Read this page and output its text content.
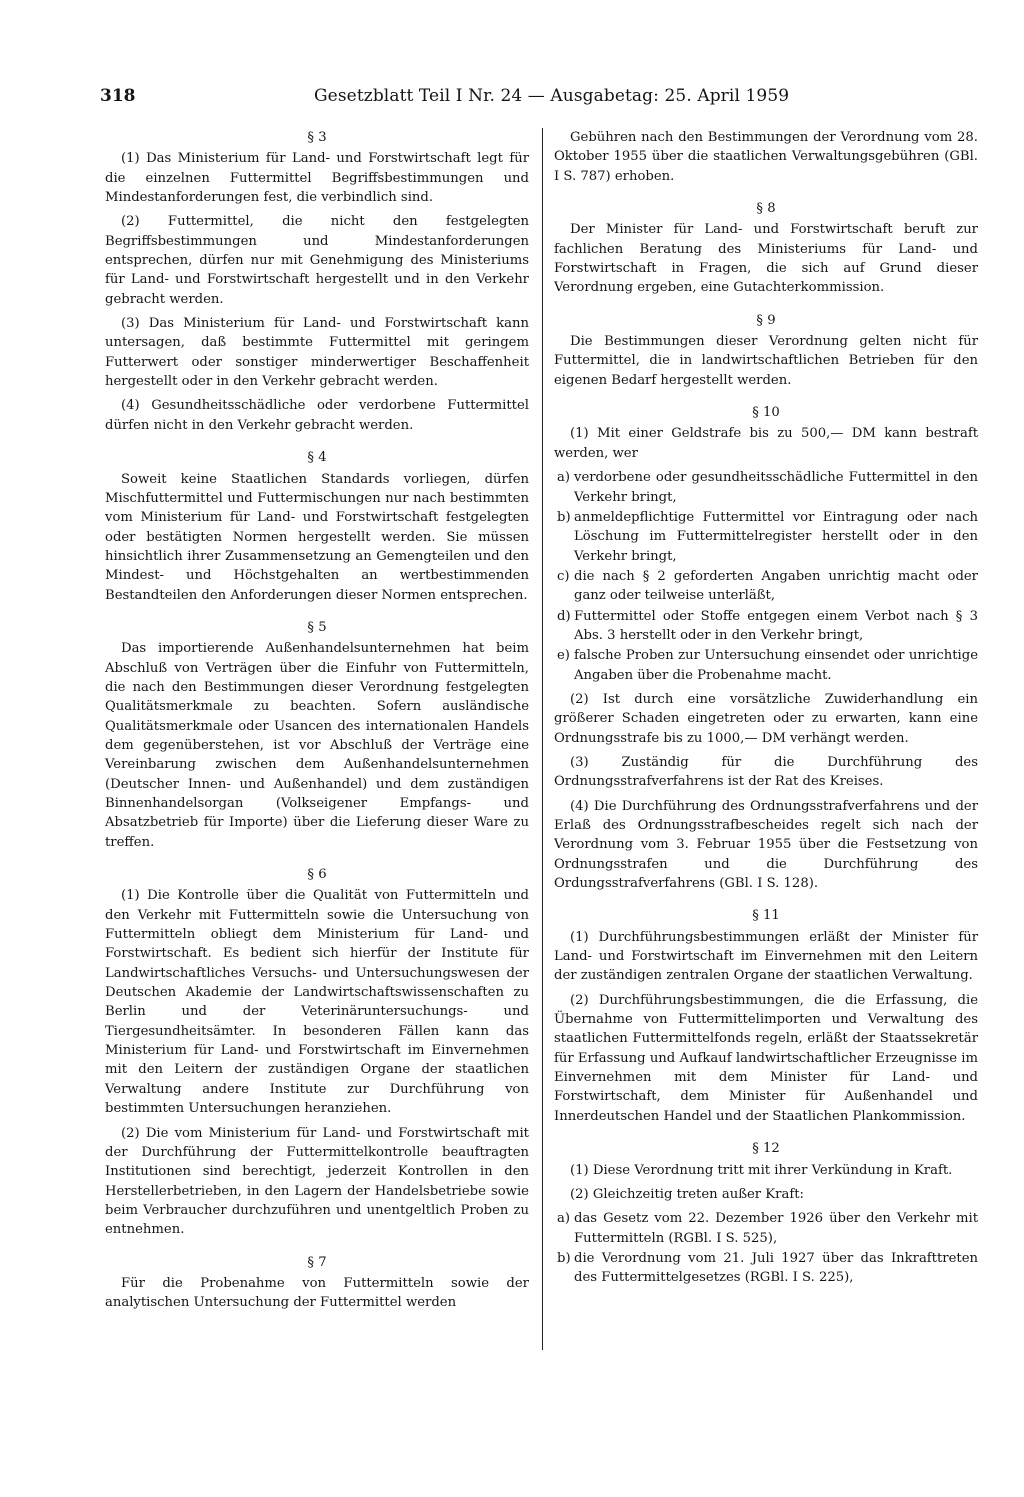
318	Gesetzblatt Teil I Nr. 24 — Ausgabetag: 25. April 1959
§ 3

(1) Das Ministerium für Land- und Forstwirtschaft legt für die einzelnen Futtermittel Begriffsbestimmungen und Mindestanforderungen fest, die verbindlich sind.

(2) Futtermittel, die nicht den festgelegten Begriffsbestimmungen und Mindestanforderungen entsprechen, dürfen nur mit Genehmigung des Ministeriums für Land- und Forstwirtschaft hergestellt und in den Verkehr gebracht werden.

(3) Das Ministerium für Land- und Forstwirtschaft kann untersagen, daß bestimmte Futtermittel mit geringem Futterwert oder sonstiger minderwertiger Beschaffenheit hergestellt oder in den Verkehr gebracht werden.

(4) Gesundheitsschädliche oder verdorbene Futtermittel dürfen nicht in den Verkehr gebracht werden.

§ 4

Soweit keine Staatlichen Standards vorliegen, dürfen Mischfuttermittel und Futtermischungen nur nach bestimmten vom Ministerium für Land- und Forstwirtschaft festgelegten oder bestätigten Normen hergestellt werden. Sie müssen hinsichtlich ihrer Zusammensetzung an Gemengteilen und den Mindest- und Höchstgehalten an wertbestimmenden Bestandteilen den Anforderungen dieser Normen entsprechen.

§ 5

Das importierende Außenhandelsunternehmen hat beim Abschluß von Verträgen über die Einfuhr von Futtermitteln, die nach den Bestimmungen dieser Verordnung festgelegten Qualitätsmerkmale zu beachten. Sofern ausländische Qualitätsmerkmale oder Usancen des internationalen Handels dem gegenüberstehen, ist vor Abschluß der Verträge eine Vereinbarung zwischen dem Außenhandelsunternehmen (Deutscher Innen- und Außenhandel) und dem zuständigen Binnenhandelsorgan (Volkseigener Empfangs- und Absatzbetrieb für Importe) über die Lieferung dieser Ware zu treffen.

§ 6

(1) Die Kontrolle über die Qualität von Futtermitteln und den Verkehr mit Futtermitteln sowie die Untersuchung von Futtermitteln obliegt dem Ministerium für Land- und Forstwirtschaft. Es bedient sich hierfür der Institute für Landwirtschaftliches Versuchs- und Untersuchungswesen der Deutschen Akademie der Landwirtschaftswissenschaften zu Berlin und der Veterinäruntersuchungs- und Tiergesundheitsämter. In besonderen Fällen kann das Ministerium für Land- und Forstwirtschaft im Einvernehmen mit den Leitern der zuständigen Organe der staatlichen Verwaltung andere Institute zur Durchführung von bestimmten Untersuchungen heranziehen.

(2) Die vom Ministerium für Land- und Forstwirtschaft mit der Durchführung der Futtermittelkontrolle beauftragten Institutionen sind berechtigt, jederzeit Kontrollen in den Herstellerbetrieben, in den Lagern der Handelsbetriebe sowie beim Verbraucher durchzuführen und unentgeltlich Proben zu entnehmen.

§ 7

Für die Probenahme von Futtermitteln sowie der analytischen Untersuchung der Futtermittel werden

Gebühren nach den Bestimmungen der Verordnung vom 28. Oktober 1955 über die staatlichen Verwaltungsgebühren (GBl. I S. 787) erhoben.

§ 8

Der Minister für Land- und Forstwirtschaft beruft zur fachlichen Beratung des Ministeriums für Land- und Forstwirtschaft in Fragen, die sich auf Grund dieser Verordnung ergeben, eine Gutachterkommission.

§ 9

Die Bestimmungen dieser Verordnung gelten nicht für Futtermittel, die in landwirtschaftlichen Betrieben für den eigenen Bedarf hergestellt werden.

§ 10

(1) Mit einer Geldstrafe bis zu 500,— DM kann bestraft werden, wer

a) verdorbene oder gesundheitsschädliche Futtermittel in den Verkehr bringt,
b) anmeldepflichtige Futtermittel vor Eintragung oder nach Löschung im Futtermittelregister herstellt oder in den Verkehr bringt,
c) die nach § 2 geforderten Angaben unrichtig macht oder ganz oder teilweise unterläßt,
d) Futtermittel oder Stoffe entgegen einem Verbot nach § 3 Abs. 3 herstellt oder in den Verkehr bringt,
e) falsche Proben zur Untersuchung einsendet oder unrichtige Angaben über die Probenahme macht.

(2) Ist durch eine vorsätzliche Zuwiderhandlung ein größerer Schaden eingetreten oder zu erwarten, kann eine Ordnungsstrafe bis zu 1000,— DM verhängt werden.

(3) Zuständig für die Durchführung des Ordnungsstrafverfahrens ist der Rat des Kreises.

(4) Die Durchführung des Ordnungsstrafverfahrens und der Erlaß des Ordnungsstrafbescheides regelt sich nach der Verordnung vom 3. Februar 1955 über die Festsetzung von Ordnungsstrafen und die Durchführung des Ordungsstrafverfahrens (GBl. I S. 128).

§ 11

(1) Durchführungsbestimmungen erläßt der Minister für Land- und Forstwirtschaft im Einvernehmen mit den Leitern der zuständigen zentralen Organe der staatlichen Verwaltung.

(2) Durchführungsbestimmungen, die die Erfassung, die Übernahme von Futtermittelimporten und Verwaltung des staatlichen Futtermittelfonds regeln, erläßt der Staatssekretär für Erfassung und Aufkauf landwirtschaftlicher Erzeugnisse im Einvernehmen mit dem Minister für Land- und Forstwirtschaft, dem Minister für Außenhandel und Innerdeutschen Handel und der Staatlichen Plankommission.

§ 12

(1) Diese Verordnung tritt mit ihrer Verkündung in Kraft.

(2) Gleichzeitig treten außer Kraft:

a) das Gesetz vom 22. Dezember 1926 über den Verkehr mit Futtermitteln (RGBl. I S. 525),
b) die Verordnung vom 21. Juli 1927 über das Inkrafttreten des Futtermittelgesetzes (RGBl. I S. 225),
